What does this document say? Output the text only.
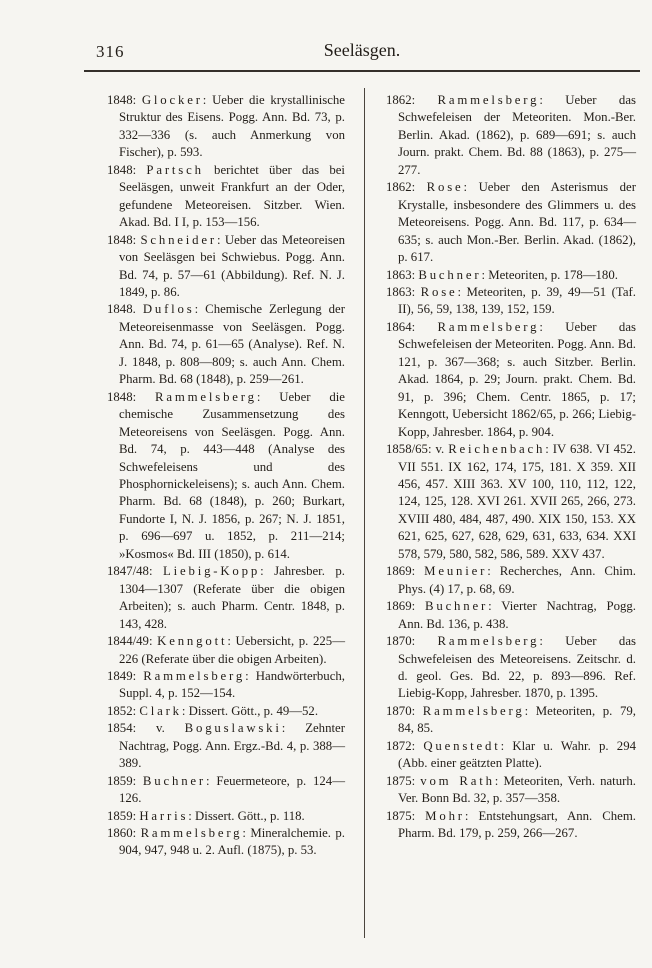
316	Seeläsgen.

1848: Glocker: Ueber die krystallinische Struktur des Eisens. Pogg. Ann. Bd. 73, p. 332—336 (s. auch Anmerkung von Fischer), p. 593.

1848: Partsch berichtet über das bei Seeläsgen, unweit Frankfurt an der Oder, gefundene Meteoreisen. Sitzber. Wien. Akad. Bd. I I, p. 153—156.

1848: Schneider: Ueber das Meteoreisen von Seeläsgen bei Schwiebus. Pogg. Ann. Bd. 74, p. 57—61 (Abbildung). Ref. N. J. 1849, p. 86.

1848. Duflos: Chemische Zerlegung der Meteoreisenmasse von Seeläsgen. Pogg. Ann. Bd. 74, p. 61—65 (Analyse). Ref. N. J. 1848, p. 808—809; s. auch Ann. Chem. Pharm. Bd. 68 (1848), p. 259—261.

1848: Rammelsberg: Ueber die chemische Zusammensetzung des Meteoreisens von Seeläsgen. Pogg. Ann. Bd. 74, p. 443—448 (Analyse des Schwefeleisens und des Phosphornickeleisens); s. auch Ann. Chem. Pharm. Bd. 68 (1848), p. 260; Burkart, Fundorte I, N. J. 1856, p. 267; N. J. 1851, p. 696—697 u. 1852, p. 211—214; »Kosmos« Bd. III (1850), p. 614.

1847/48: Liebig-Kopp: Jahresber. p. 1304—1307 (Referate über die obigen Arbeiten); s. auch Pharm. Centr. 1848, p. 143, 428.

1844/49: Kenngott: Uebersicht, p. 225—226 (Referate über die obigen Arbeiten).

1849: Rammelsberg: Handwörterbuch, Suppl. 4, p. 152—154.

1852: Clark: Dissert. Gött., p. 49—52.

1854: v. Boguslawski: Zehnter Nachtrag, Pogg. Ann. Ergz.-Bd. 4, p. 388—389.

1859: Buchner: Feuermeteore, p. 124—126.

1859: Harris: Dissert. Gött., p. 118.

1860: Rammelsberg: Mineralchemie. p. 904, 947, 948 u. 2. Aufl. (1875), p. 53.

1862: Rammelsberg: Ueber das Schwefeleisen der Meteoriten. Mon.-Ber. Berlin. Akad. (1862), p. 689—691; s. auch Journ. prakt. Chem. Bd. 88 (1863), p. 275—277.

1862: Rose: Ueber den Asterismus der Krystalle, insbesondere des Glimmers u. des Meteoreisens. Pogg. Ann. Bd. 117, p. 634—635; s. auch Mon.-Ber. Berlin. Akad. (1862), p. 617.

1863: Buchner: Meteoriten, p. 178—180.

1863: Rose: Meteoriten, p. 39, 49—51 (Taf. II), 56, 59, 138, 139, 152, 159.

1864: Rammelsberg: Ueber das Schwefeleisen der Meteoriten. Pogg. Ann. Bd. 121, p. 367—368; s. auch Sitzber. Berlin. Akad. 1864, p. 29; Journ. prakt. Chem. Bd. 91, p. 396; Chem. Centr. 1865, p. 17; Kenngott, Uebersicht 1862/65, p. 266; Liebig-Kopp, Jahresber. 1864, p. 904.

1858/65: v. Reichenbach: IV 638. VI 452. VII 551. IX 162, 174, 175, 181. X 359. XII 456, 457. XIII 363. XV 100, 110, 112, 122, 124, 125, 128. XVI 261. XVII 265, 266, 273. XVIII 480, 484, 487, 490. XIX 150, 153. XX 621, 625, 627, 628, 629, 631, 633, 634. XXI 578, 579, 580, 582, 586, 589. XXV 437.

1869: Meunier: Recherches, Ann. Chim. Phys. (4) 17, p. 68, 69.

1869: Buchner: Vierter Nachtrag, Pogg. Ann. Bd. 136, p. 438.

1870: Rammelsberg: Ueber das Schwefeleisen des Meteoreisens. Zeitschr. d. d. geol. Ges. Bd. 22, p. 893—896. Ref. Liebig-Kopp, Jahresber. 1870, p. 1395.

1870: Rammelsberg: Meteoriten, p. 79, 84, 85.

1872: Quenstedt: Klar u. Wahr. p. 294 (Abb. einer geätzten Platte).

1875: vom Rath: Meteoriten, Verh. naturh. Ver. Bonn Bd. 32, p. 357—358.

1875: Mohr: Entstehungsart, Ann. Chem. Pharm. Bd. 179, p. 259, 266—267.
